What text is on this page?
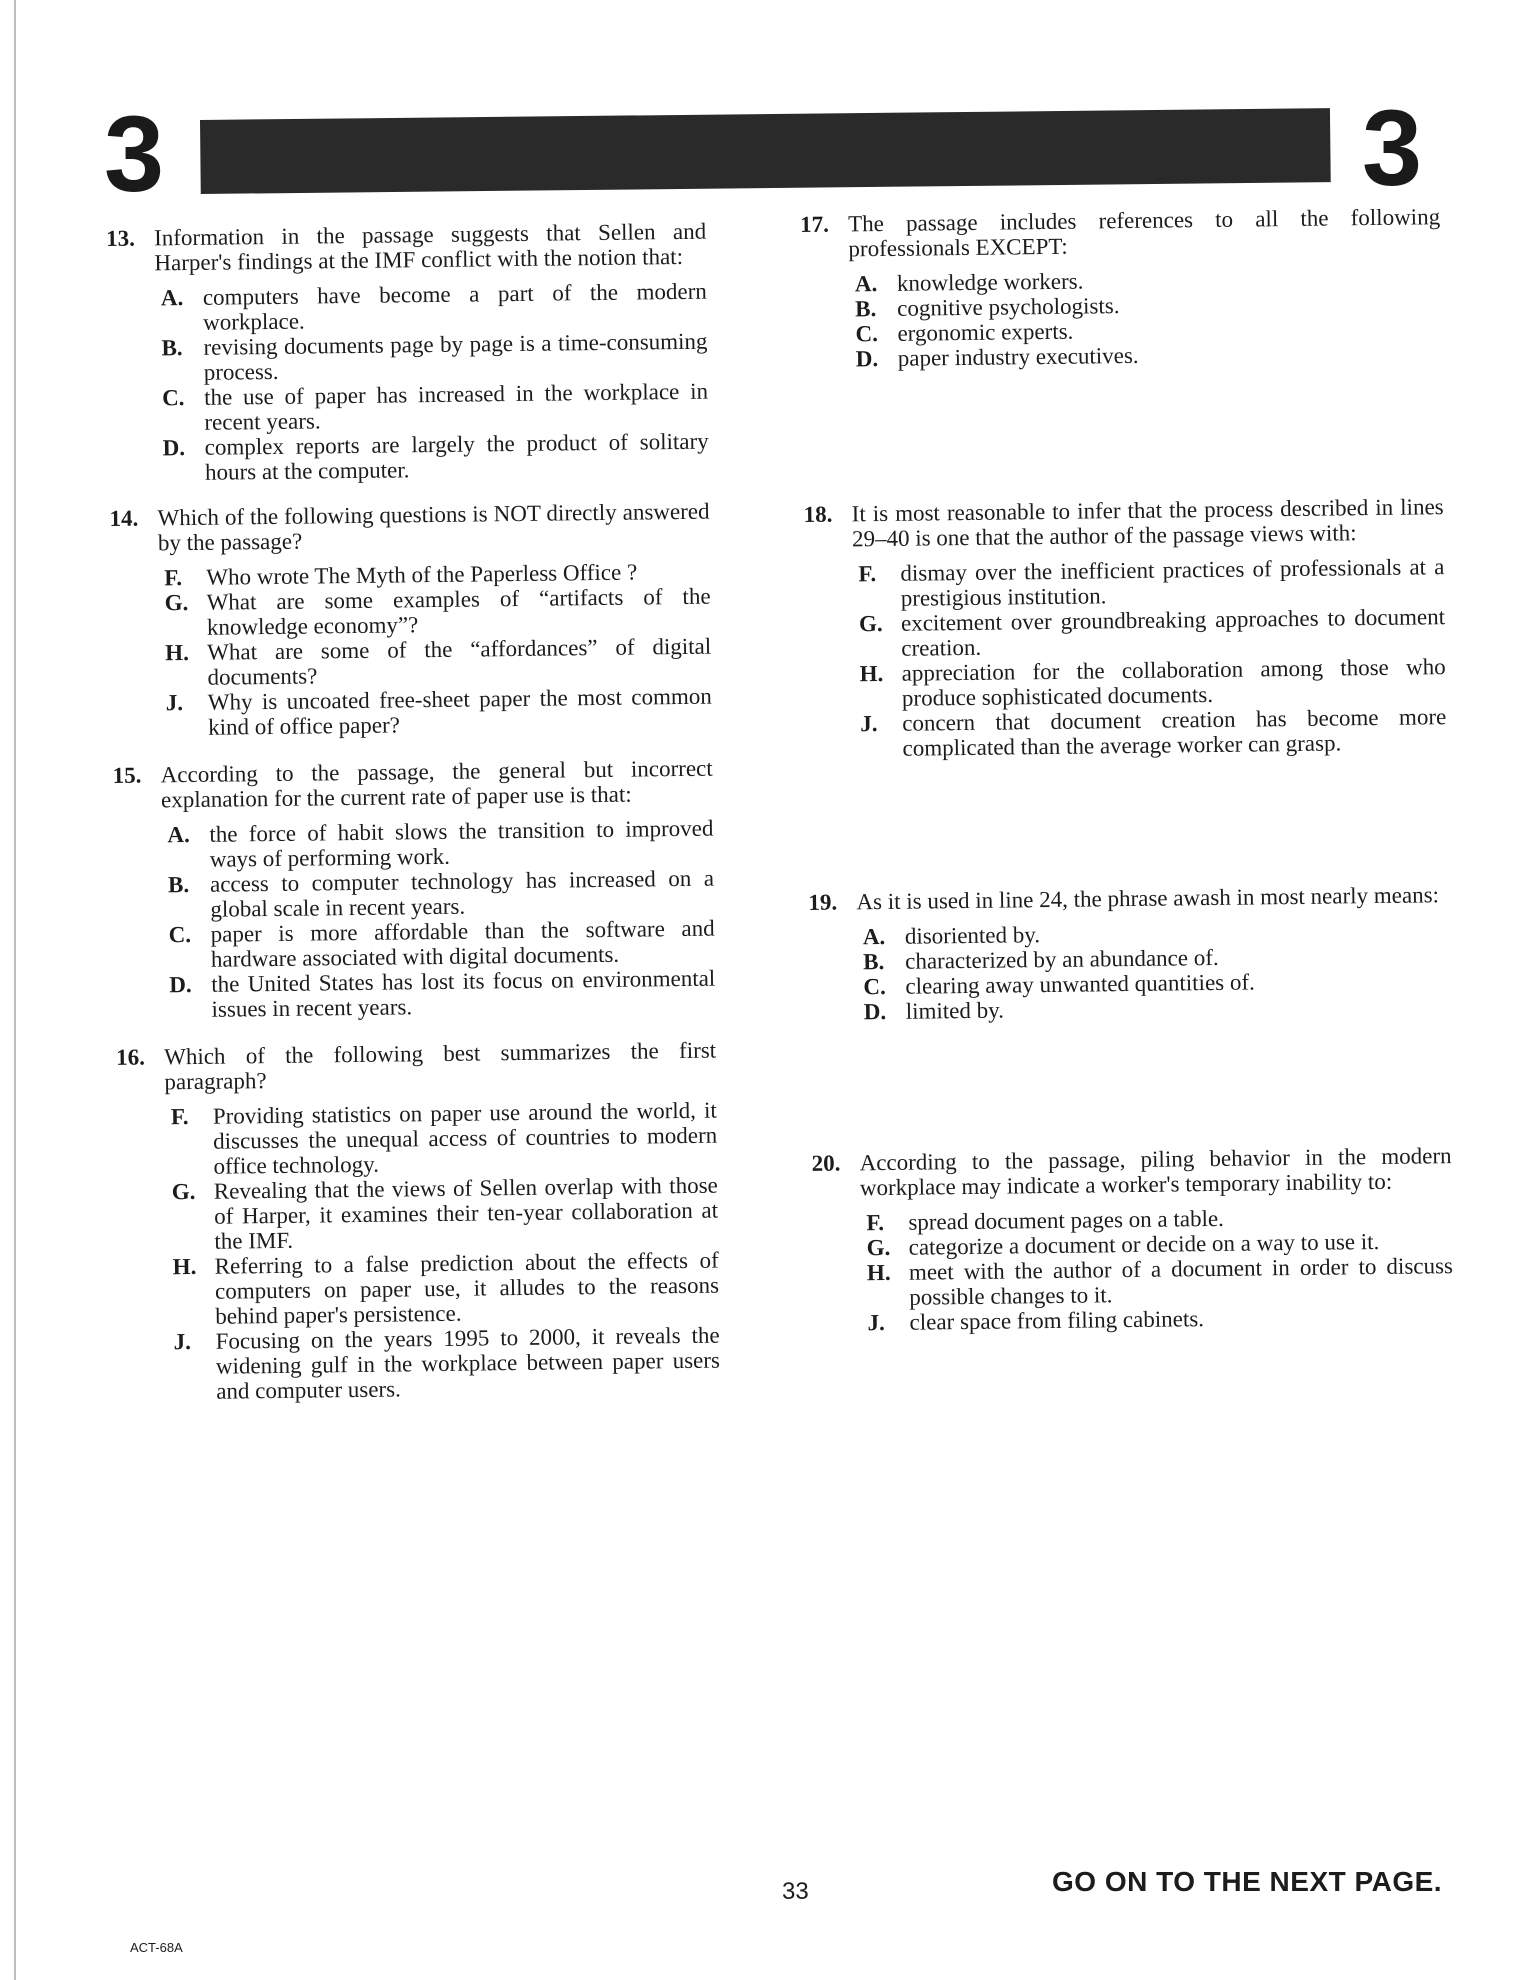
3	3
13. Information in the passage suggests that Sellen and Harper's findings at the IMF conflict with the notion that:
A. computers have become a part of the modern workplace.
B. revising documents page by page is a time-consuming process.
C. the use of paper has increased in the workplace in recent years.
D. complex reports are largely the product of solitary hours at the computer.
14. Which of the following questions is NOT directly answered by the passage?
F. Who wrote The Myth of the Paperless Office ?
G. What are some examples of “artifacts of the knowledge economy”?
H. What are some of the “affordances” of digital documents?
J. Why is uncoated free-sheet paper the most common kind of office paper?
15. According to the passage, the general but incorrect explanation for the current rate of paper use is that:
A. the force of habit slows the transition to improved ways of performing work.
B. access to computer technology has increased on a global scale in recent years.
C. paper is more affordable than the software and hardware associated with digital documents.
D. the United States has lost its focus on environmental issues in recent years.
16. Which of the following best summarizes the first paragraph?
F. Providing statistics on paper use around the world, it discusses the unequal access of countries to modern office technology.
G. Revealing that the views of Sellen overlap with those of Harper, it examines their ten-year collaboration at the IMF.
H. Referring to a false prediction about the effects of computers on paper use, it alludes to the reasons behind paper's persistence.
J. Focusing on the years 1995 to 2000, it reveals the widening gulf in the workplace between paper users and computer users.
17. The passage includes references to all the following professionals EXCEPT:
A. knowledge workers.
B. cognitive psychologists.
C. ergonomic experts.
D. paper industry executives.
18. It is most reasonable to infer that the process described in lines 29–40 is one that the author of the passage views with:
F. dismay over the inefficient practices of professionals at a prestigious institution.
G. excitement over groundbreaking approaches to document creation.
H. appreciation for the collaboration among those who produce sophisticated documents.
J. concern that document creation has become more complicated than the average worker can grasp.
19. As it is used in line 24, the phrase awash in most nearly means:
A. disoriented by.
B. characterized by an abundance of.
C. clearing away unwanted quantities of.
D. limited by.
20. According to the passage, piling behavior in the modern workplace may indicate a worker's temporary inability to:
F. spread document pages on a table.
G. categorize a document or decide on a way to use it.
H. meet with the author of a document in order to discuss possible changes to it.
J. clear space from filing cabinets.
ACT-68A
33	GO ON TO THE NEXT PAGE.
